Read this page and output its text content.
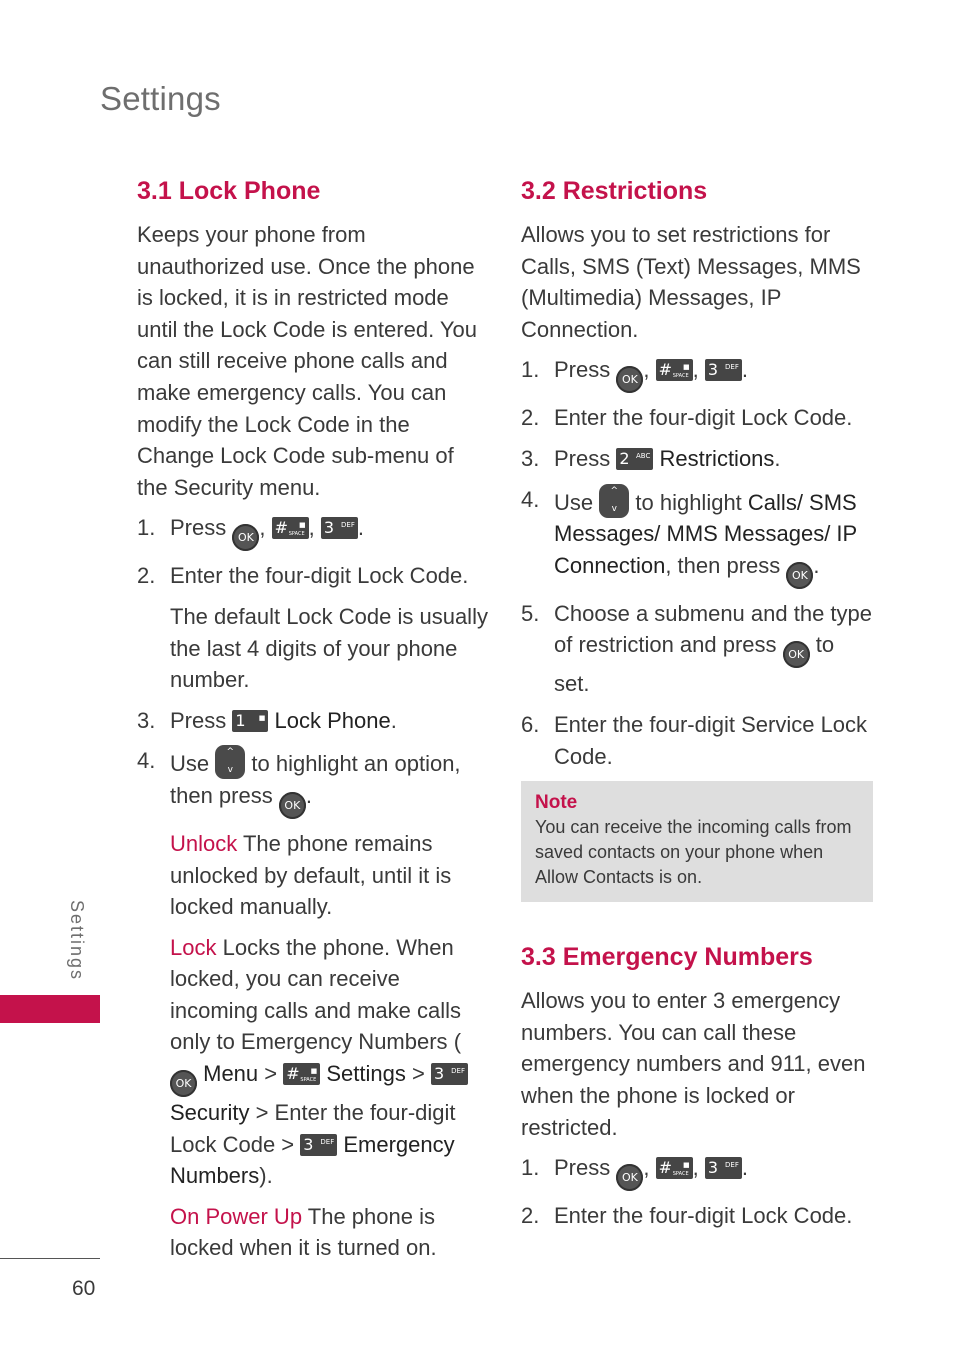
Settings
3.1 Lock Phone

Keeps your phone from unauthorized use. Once the phone is locked, it is in restricted mode until the Lock Code is entered. You can still receive phone calls and make emergency calls. You can modify the Lock Code in the Change Lock Code sub-menu of the Security menu.

1. Press OK , # ■
SPACE , 3 DEF .
2. Enter the four-digit Lock Code.
The default Lock Code is usually the last 4 digits of your phone number.
3. Press 1 ■ Lock Phone.
4. Use	^
v to highlight an option, then press OK .
Unlock The phone remains unlocked by default, until it is locked manually.
Lock Locks the phone. When locked, you can receive incoming calls and make calls only to Emergency Numbers ( OK Menu > # ■
SPACE Settings > 3 DEF
Security > Enter the four-digit Lock Code > 3 DEF Emergency Numbers).
On Power Up The phone is locked when it is turned on.
3.2 Restrictions

Allows you to set restrictions for Calls, SMS (Text) Messages, MMS (Multimedia) Messages, IP Connection.

1. Press OK , # ■
SPACE , 3 DEF .
2. Enter the four-digit Lock Code.
3. Press 2 ABC Restrictions.
4. Use	^
v to highlight Calls/ SMS Messages/ MMS Messages/ IP Connection, then press OK .
5. Choose a submenu and the type of restriction and press OK to set.
6. Enter the four-digit Service Lock Code.
Note
You can receive the incoming calls from saved contacts on your phone when Allow Contacts is on.
3.3 Emergency Numbers

Allows you to enter 3 emergency numbers. You can call these emergency numbers and 911, even when the phone is locked or restricted.

1. Press OK , # ■
SPACE , 3 DEF .
2. Enter the four-digit Lock Code.
Settings
60
